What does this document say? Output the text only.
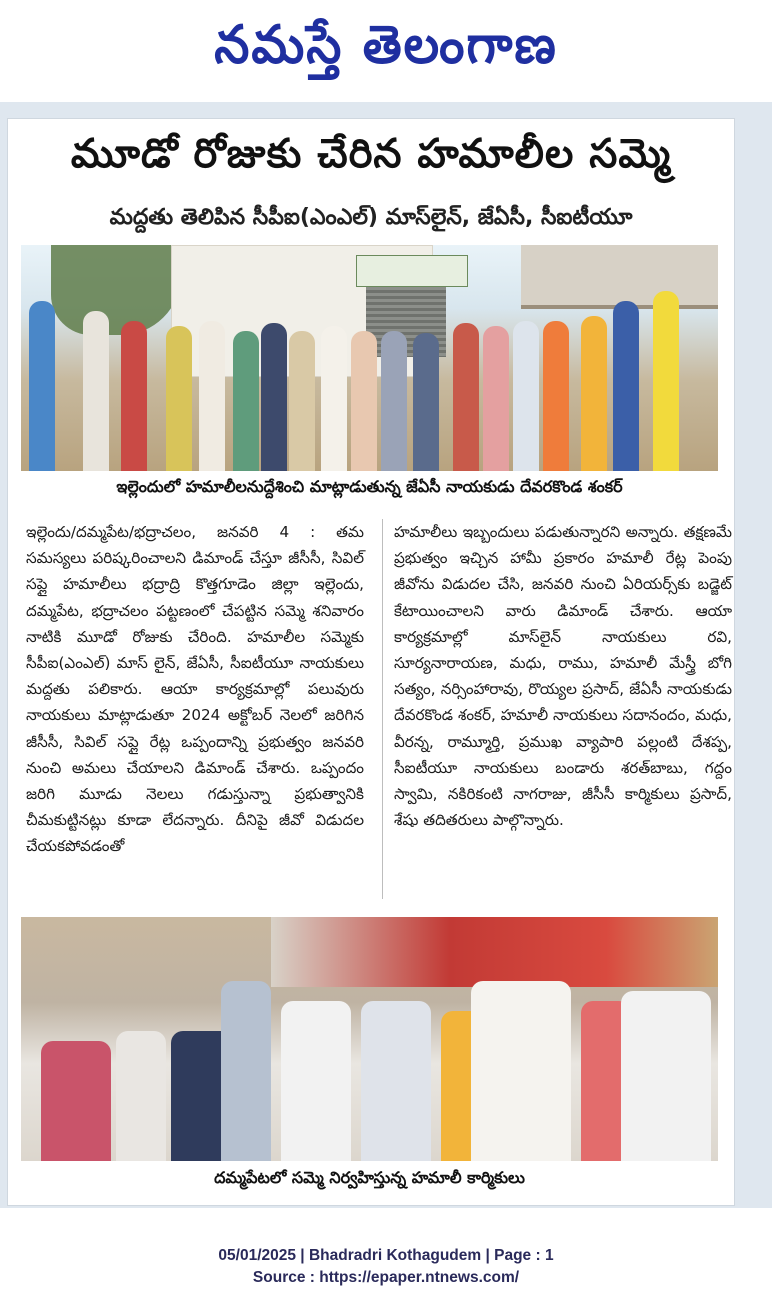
నమస్తే తెలంగాణ
మూడో రోజుకు చేరిన హమాలీల సమ్మె
మద్దతు తెలిపిన సీపీఐ(ఎంఎల్) మాస్‌లైన్, జేఏసీ, సీఐటీయూ
ఇల్లెందులో హమాలీలనుద్దేశించి మాట్లాడుతున్న జేఏసీ నాయకుడు దేవరకొండ శంకర్
ఇల్లెందు/దమ్మపేట/భద్రాచలం, జనవరి 4 : తమ సమస్యలు పరిష్కరించాలని డిమాండ్ చేస్తూ జీసీసీ, సివిల్ సప్లై హమాలీలు భద్రాద్రి కొత్తగూడెం జిల్లా ఇల్లెందు, దమ్మపేట, భద్రాచలం పట్టణంలో చేపట్టిన సమ్మె శనివారం నాటికి మూడో రోజుకు చేరింది. హమాలీల సమ్మెకు సీపీఐ(ఎంఎల్) మాస్ లైన్, జేఏసీ, సీఐటీయూ నాయకులు మద్దతు పలికారు. ఆయా కార్యక్రమాల్లో పలువురు నాయకులు మాట్లాడుతూ 2024 అక్టోబర్ నెలలో జరిగిన జీసీసీ, సివిల్ సప్లై రేట్ల ఒప్పందాన్ని ప్రభుత్వం జనవరి నుంచి అమలు చేయాలని డిమాండ్ చేశారు. ఒప్పందం జరిగి మూడు నెలలు గడుస్తున్నా ప్రభుత్వానికి చీమకుట్టినట్లు కూడా లేదన్నారు. దీనిపై జీవో విడుదల చేయకపోవడంతో
హమాలీలు ఇబ్బందులు పడుతున్నారని అన్నారు. తక్షణమే ప్రభుత్వం ఇచ్చిన హామీ ప్రకారం హమాలీ రేట్ల పెంపు జీవోను విడుదల చేసి, జనవరి నుంచి ఏరియర్స్‌కు బడ్జెట్ కేటాయించాలని వారు డిమాండ్ చేశారు. ఆయా కార్యక్రమాల్లో మాస్‌లైన్ నాయకులు రవి, సూర్యనారాయణ, మధు, రాము, హమాలీ మేస్త్రీ బోగి సత్యం, నర్సింహారావు, రొయ్యల ప్రసాద్, జేఏసీ నాయకుడు దేవరకొండ శంకర్, హమాలీ నాయకులు సదానందం, మధు, వీరన్న, రామ్మూర్తి, ప్రముఖ వ్యాపారి పల్లంటి దేశప్ప, సీఐటీయూ నాయకులు బండారు శరత్‌బాబు, గద్దం స్వామి, నకిరికంటి నాగరాజు, జీసీసీ కార్మికులు ప్రసాద్, శేషు తదితరులు పాల్గొన్నారు.
దమ్మపేటలో సమ్మె నిర్వహిస్తున్న హమాలీ కార్మికులు
05/01/2025 | Bhadradri Kothagudem | Page : 1
Source : https://epaper.ntnews.com/
